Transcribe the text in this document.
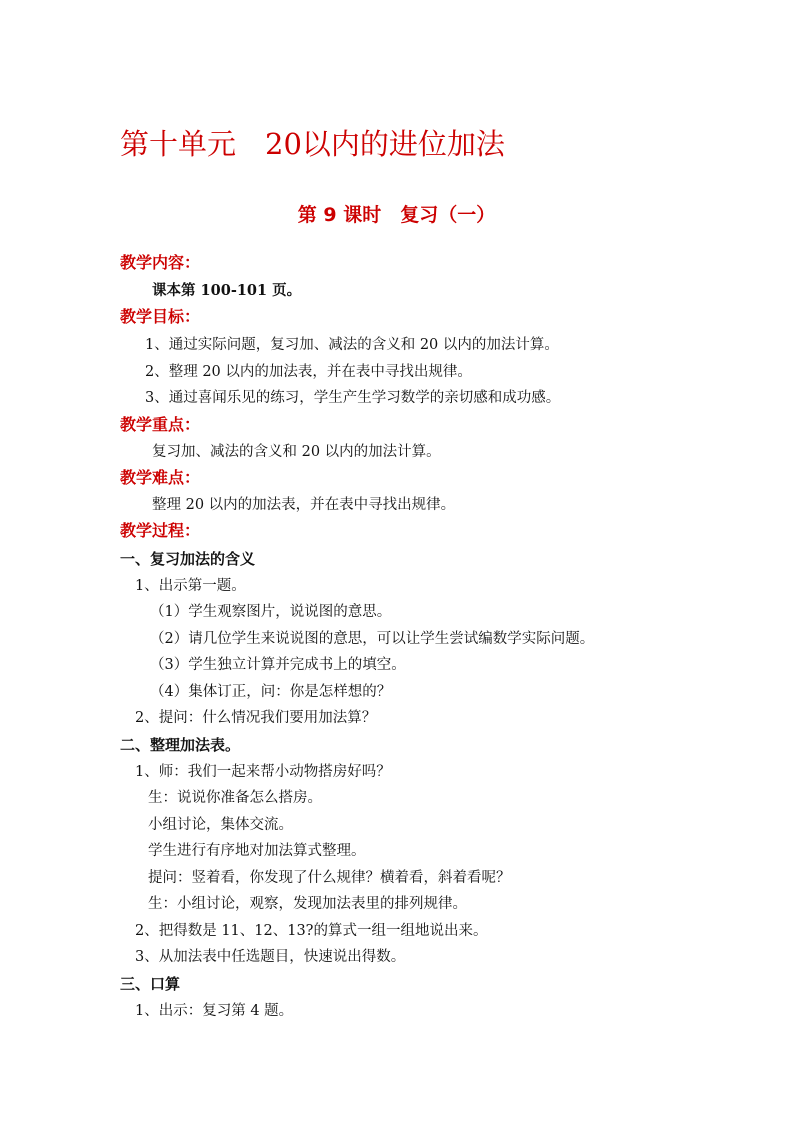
第十单元　20以内的进位加法
第 9 课时　复习（一）
教学内容：
课本第 100-101 页。
教学目标：
1、通过实际问题，复习加、减法的含义和 20 以内的加法计算。
2、整理 20 以内的加法表，并在表中寻找出规律。
3、通过喜闻乐见的练习，学生产生学习数学的亲切感和成功感。
教学重点：
复习加、减法的含义和 20 以内的加法计算。
教学难点：
整理 20 以内的加法表，并在表中寻找出规律。
教学过程：
一、复习加法的含义
1、出示第一题。
（1）学生观察图片，说说图的意思。
（2）请几位学生来说说图的意思，可以让学生尝试编数学实际问题。
（3）学生独立计算并完成书上的填空。
（4）集体订正，问：你是怎样想的？
2、提问：什么情况我们要用加法算？
二、整理加法表。
1、师：我们一起来帮小动物搭房好吗？
生：说说你准备怎么搭房。
小组讨论，集体交流。
学生进行有序地对加法算式整理。
提问：竖着看，你发现了什么规律？横着看，斜着看呢？
生：小组讨论，观察，发现加法表里的排列规律。
2、把得数是 11、12、13?的算式一组一组地说出来。
3、从加法表中任选题目，快速说出得数。
三、口算
1、出示：复习第 4 题。
